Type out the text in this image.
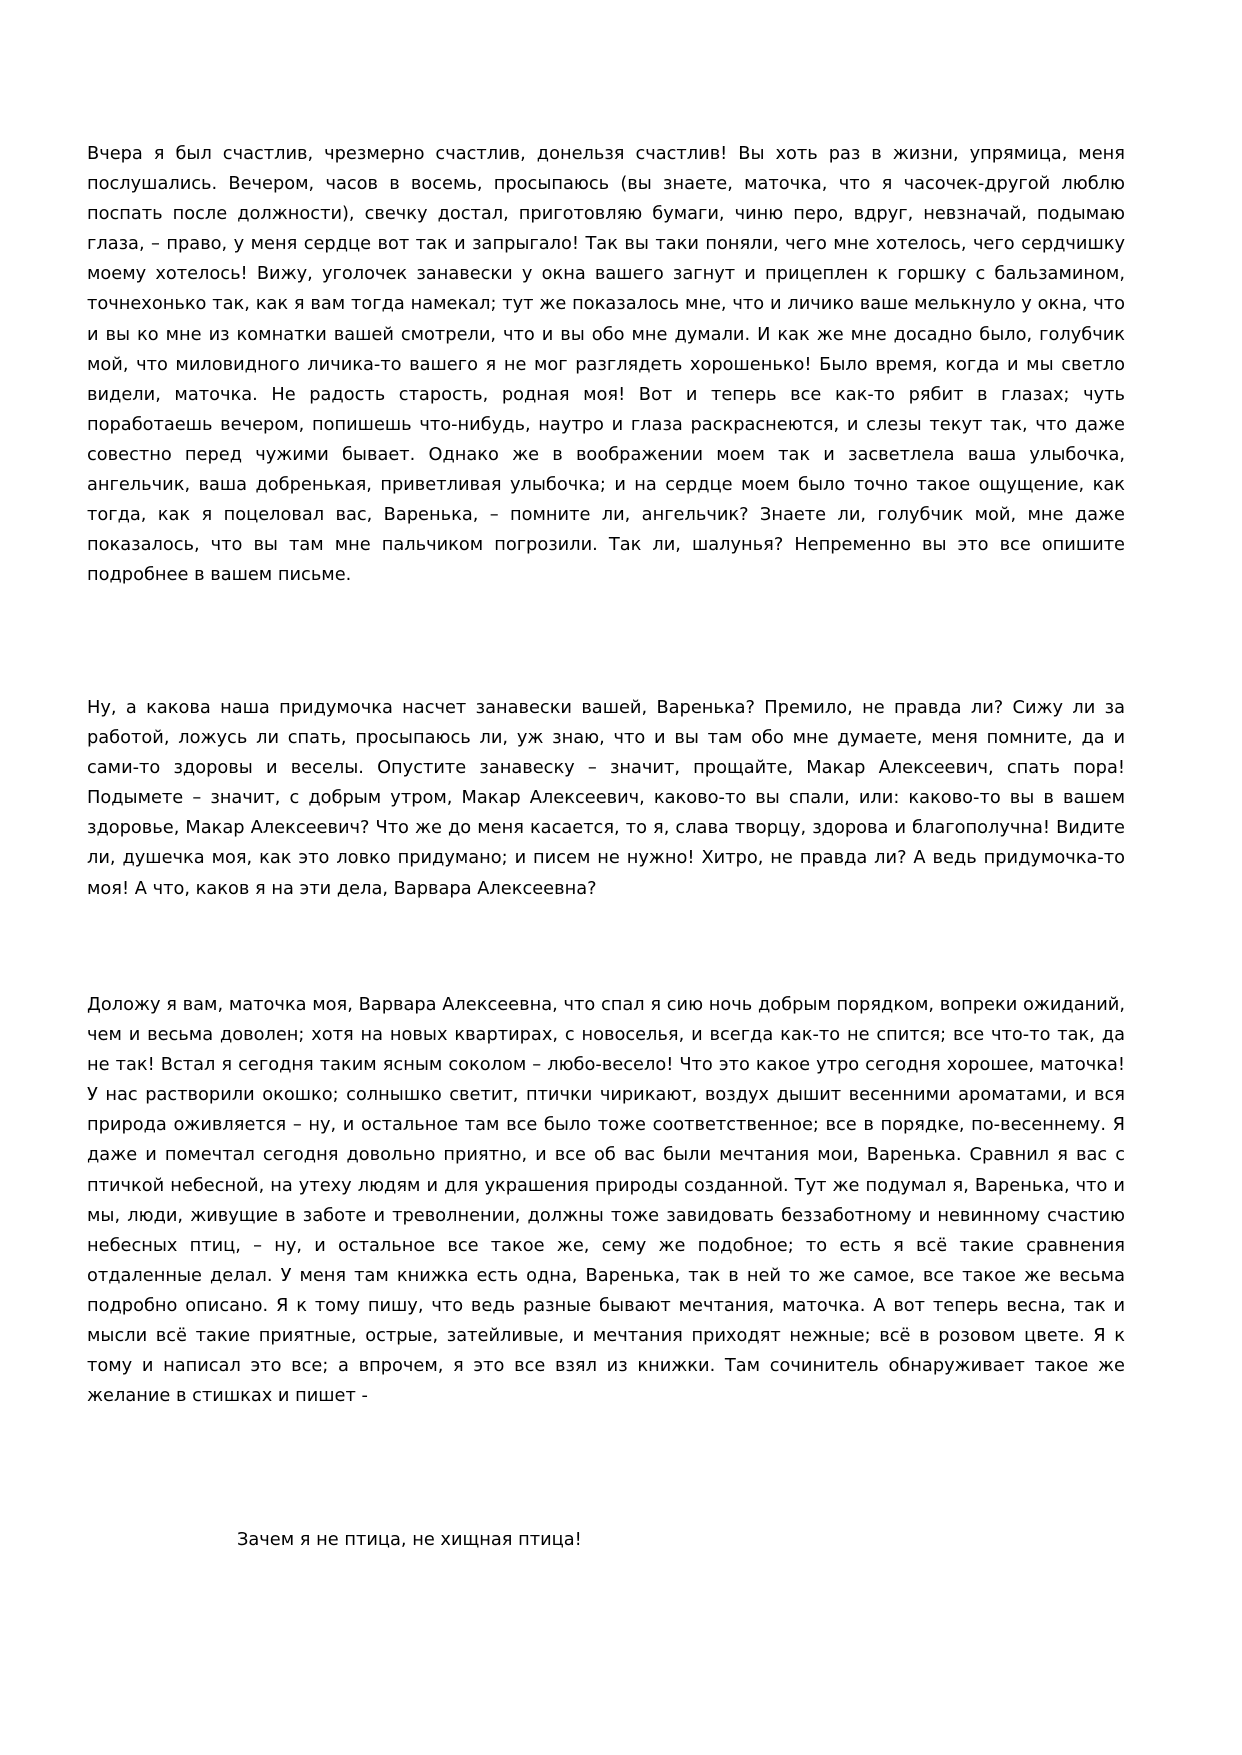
Вчера я был счастлив, чрезмерно счастлив, донельзя счастлив! Вы хоть раз в жизни, упрямица, меня послушались. Вечером, часов в восемь, просыпаюсь (вы знаете, маточка, что я часочек-другой люблю поспать после должности), свечку достал, приготовляю бумаги, чиню перо, вдруг, невзначай, подымаю глаза, – право, у меня сердце вот так и запрыгало! Так вы таки поняли, чего мне хотелось, чего сердчишку моему хотелось! Вижу, уголочек занавески у окна вашего загнут и прицеплен к горшку с бальзамином, точнехонько так, как я вам тогда намекал; тут же показалось мне, что и личико ваше мелькнуло у окна, что и вы ко мне из комнатки вашей смотрели, что и вы обо мне думали. И как же мне досадно было, голубчик мой, что миловидного личика-то вашего я не мог разглядеть хорошенько! Было время, когда и мы светло видели, маточка. Не радость старость, родная моя! Вот и теперь все как-то рябит в глазах; чуть поработаешь вечером, попишешь что-нибудь, наутро и глаза раскраснеются, и слезы текут так, что даже совестно перед чужими бывает. Однако же в воображении моем так и засветлела ваша улыбочка, ангельчик, ваша добренькая, приветливая улыбочка; и на сердце моем было точно такое ощущение, как тогда, как я поцеловал вас, Варенька, – помните ли, ангельчик? Знаете ли, голубчик мой, мне даже показалось, что вы там мне пальчиком погрозили. Так ли, шалунья? Непременно вы это все опишите подробнее в вашем письме.

Ну, а какова наша придумочка насчет занавески вашей, Варенька? Премило, не правда ли? Сижу ли за работой, ложусь ли спать, просыпаюсь ли, уж знаю, что и вы там обо мне думаете, меня помните, да и сами-то здоровы и веселы. Опустите занавеску – значит, прощайте, Макар Алексеевич, спать пора! Подымете – значит, с добрым утром, Макар Алексеевич, каково-то вы спали, или: каково-то вы в вашем здоровье, Макар Алексеевич? Что же до меня касается, то я, слава творцу, здорова и благополучна! Видите ли, душечка моя, как это ловко придумано; и писем не нужно! Хитро, не правда ли? А ведь придумочка-то моя! А что, каков я на эти дела, Варвара Алексеевна?

Доложу я вам, маточка моя, Варвара Алексеевна, что спал я сию ночь добрым порядком, вопреки ожиданий, чем и весьма доволен; хотя на новых квартирах, с новоселья, и всегда как-то не спится; все что-то так, да не так! Встал я сегодня таким ясным соколом – любо-весело! Что это какое утро сегодня хорошее, маточка! У нас растворили окошко; солнышко светит, птички чирикают, воздух дышит весенними ароматами, и вся природа оживляется – ну, и остальное там все было тоже соответственное; все в порядке, по-весеннему. Я даже и помечтал сегодня довольно приятно, и все об вас были мечтания мои, Варенька. Сравнил я вас с птичкой небесной, на утеху людям и для украшения природы созданной. Тут же подумал я, Варенька, что и мы, люди, живущие в заботе и треволнении, должны тоже завидовать беззаботному и невинному счастию небесных птиц, – ну, и остальное все такое же, сему же подобное; то есть я всё такие сравнения отдаленные делал. У меня там книжка есть одна, Варенька, так в ней то же самое, все такое же весьма подробно описано. Я к тому пишу, что ведь разные бывают мечтания, маточка. А вот теперь весна, так и мысли всё такие приятные, острые, затейливые, и мечтания приходят нежные; всё в розовом цвете. Я к тому и написал это все; а впрочем, я это все взял из книжки. Там сочинитель обнаруживает такое же желание в стишках и пишет -

Зачем я не птица, не хищная птица!
